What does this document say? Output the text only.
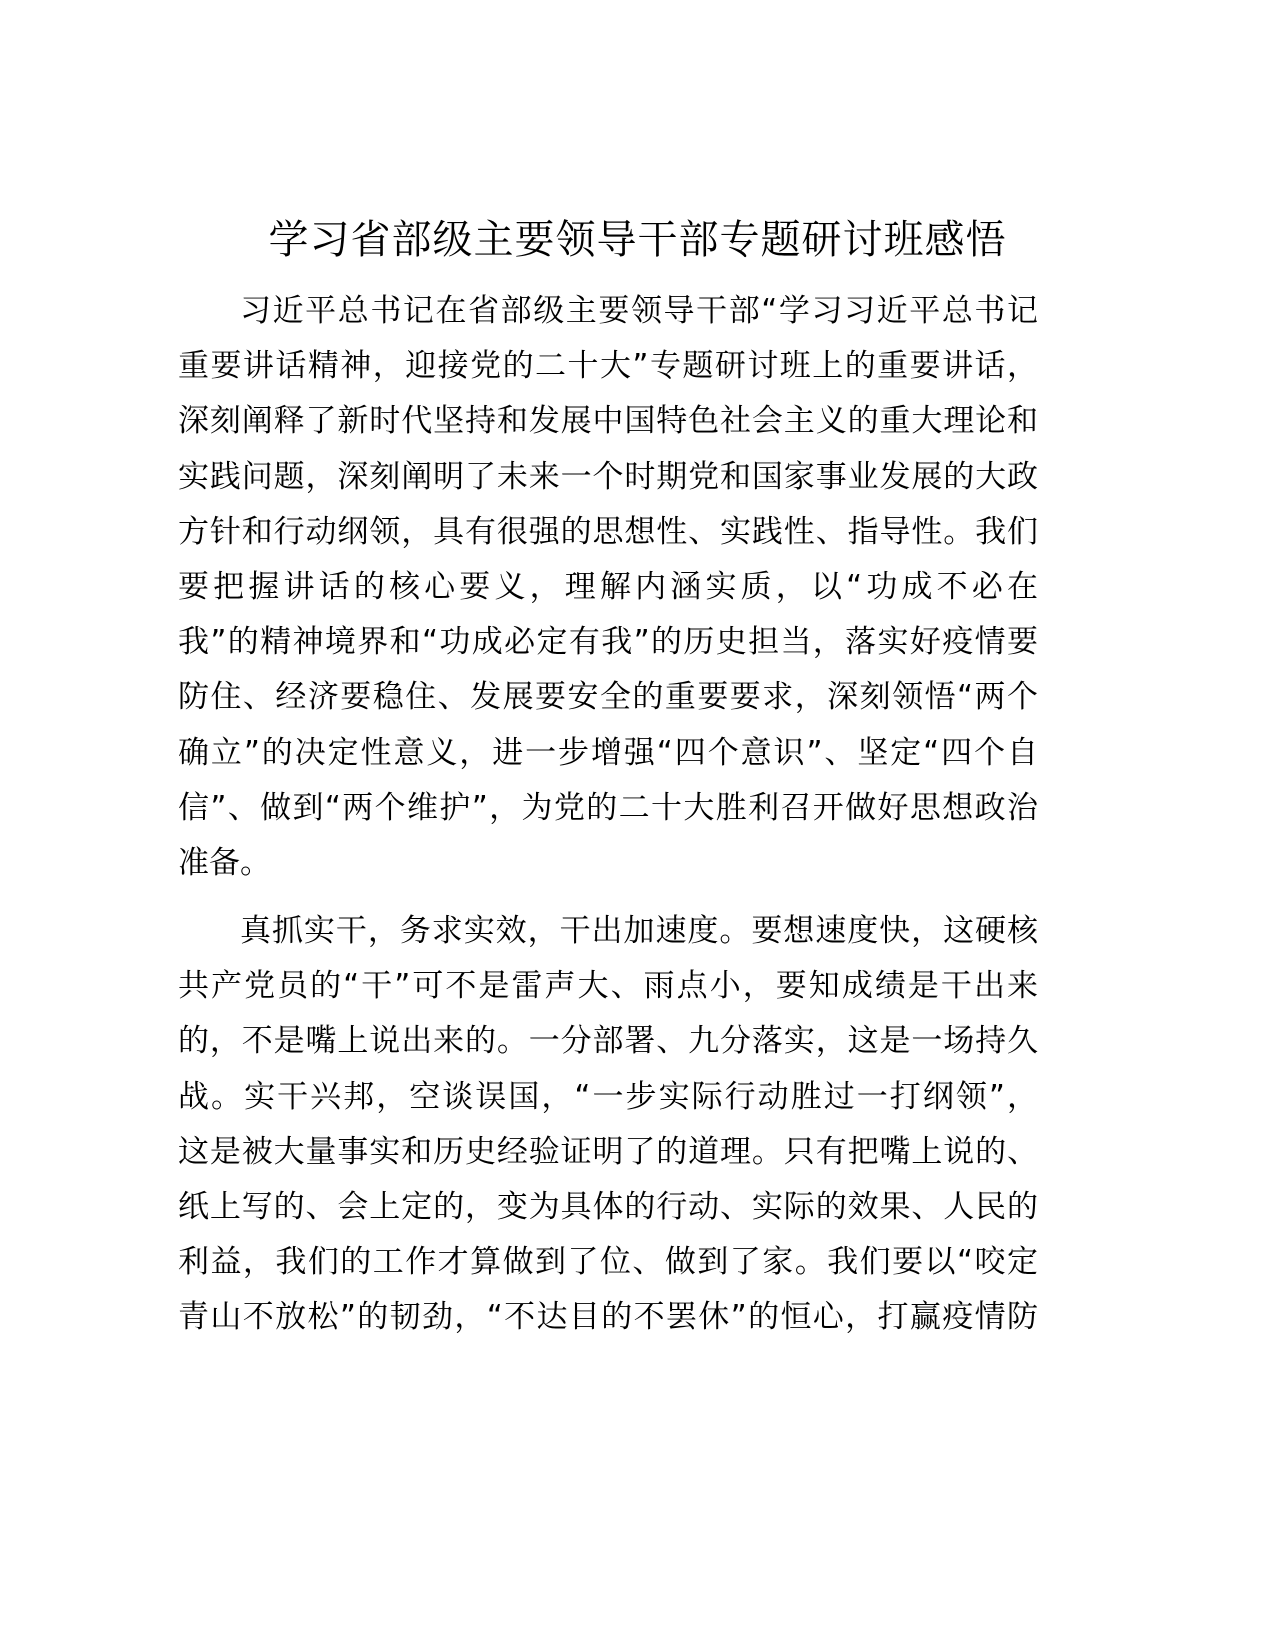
学习省部级主要领导干部专题研讨班感悟
习近平总书记在省部级主要领导干部“学习习近平总书记
重要讲话精神，迎接党的二十大”专题研讨班上的重要讲话，
深刻阐释了新时代坚持和发展中国特色社会主义的重大理论和
实践问题，深刻阐明了未来一个时期党和国家事业发展的大政
方针和行动纲领，具有很强的思想性、实践性、指导性。我们
要把握讲话的核心要义，理解内涵实质，以“功成不必在
我”的精神境界和“功成必定有我”的历史担当，落实好疫情要
防住、经济要稳住、发展要安全的重要要求，深刻领悟“两个
确立”的决定性意义，进一步增强“四个意识”、坚定“四个自
信”、做到“两个维护”，为党的二十大胜利召开做好思想政治
准备。
真抓实干，务求实效，干出加速度。要想速度快，这硬核
共产党员的“干”可不是雷声大、雨点小，要知成绩是干出来
的，不是嘴上说出来的。一分部署、九分落实，这是一场持久
战。实干兴邦，空谈误国，“一步实际行动胜过一打纲领”，
这是被大量事实和历史经验证明了的道理。只有把嘴上说的、
纸上写的、会上定的，变为具体的行动、实际的效果、人民的
利益，我们的工作才算做到了位、做到了家。我们要以“咬定
青山不放松”的韧劲，“不达目的不罢休”的恒心，打赢疫情防
